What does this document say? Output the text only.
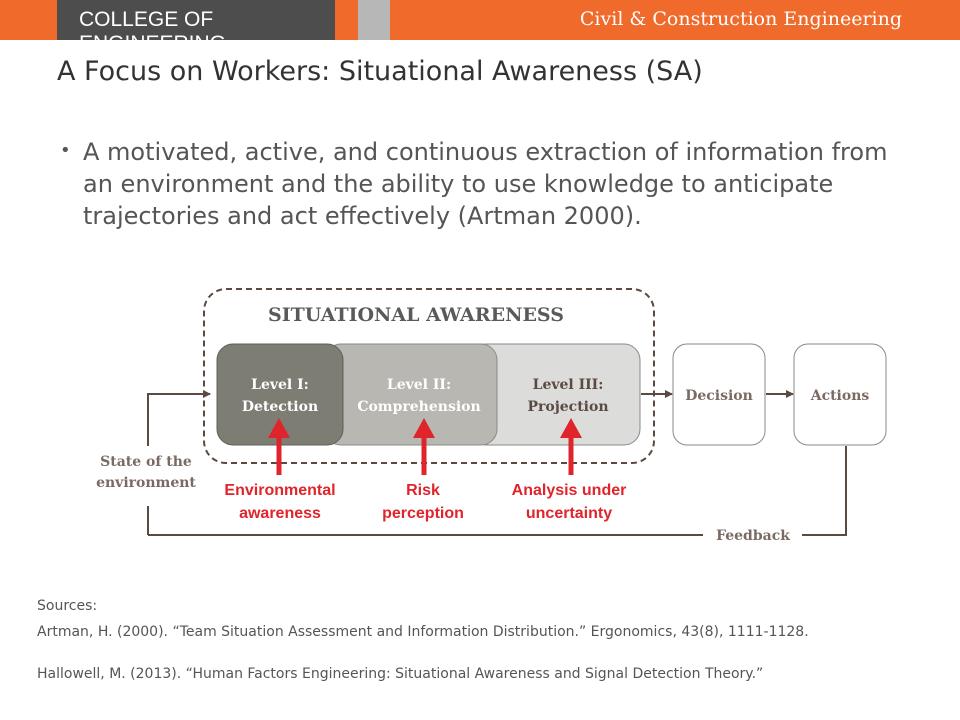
COLLEGE OF ENGINEERING
Civil & Construction Engineering
A Focus on Workers: Situational Awareness (SA)
• A motivated, active, and continuous extraction of information from an environment and the ability to use knowledge to anticipate trajectories and act effectively (Artman 2000).
SITUATIONAL AWARENESS
Level I:
Detection
Level II:
Comprehension
Level III:
Projection
Decision	Actions
Feedback
State of the
environment Environmental
awareness
Risk
perception
Analysis under
uncertainty
Sources:
Artman, H. (2000). “Team Situation Assessment and Information Distribution.” Ergonomics, 43(8), 1111-1128.
Hallowell, M. (2013). “Human Factors Engineering: Situational Awareness and Signal Detection Theory.”
